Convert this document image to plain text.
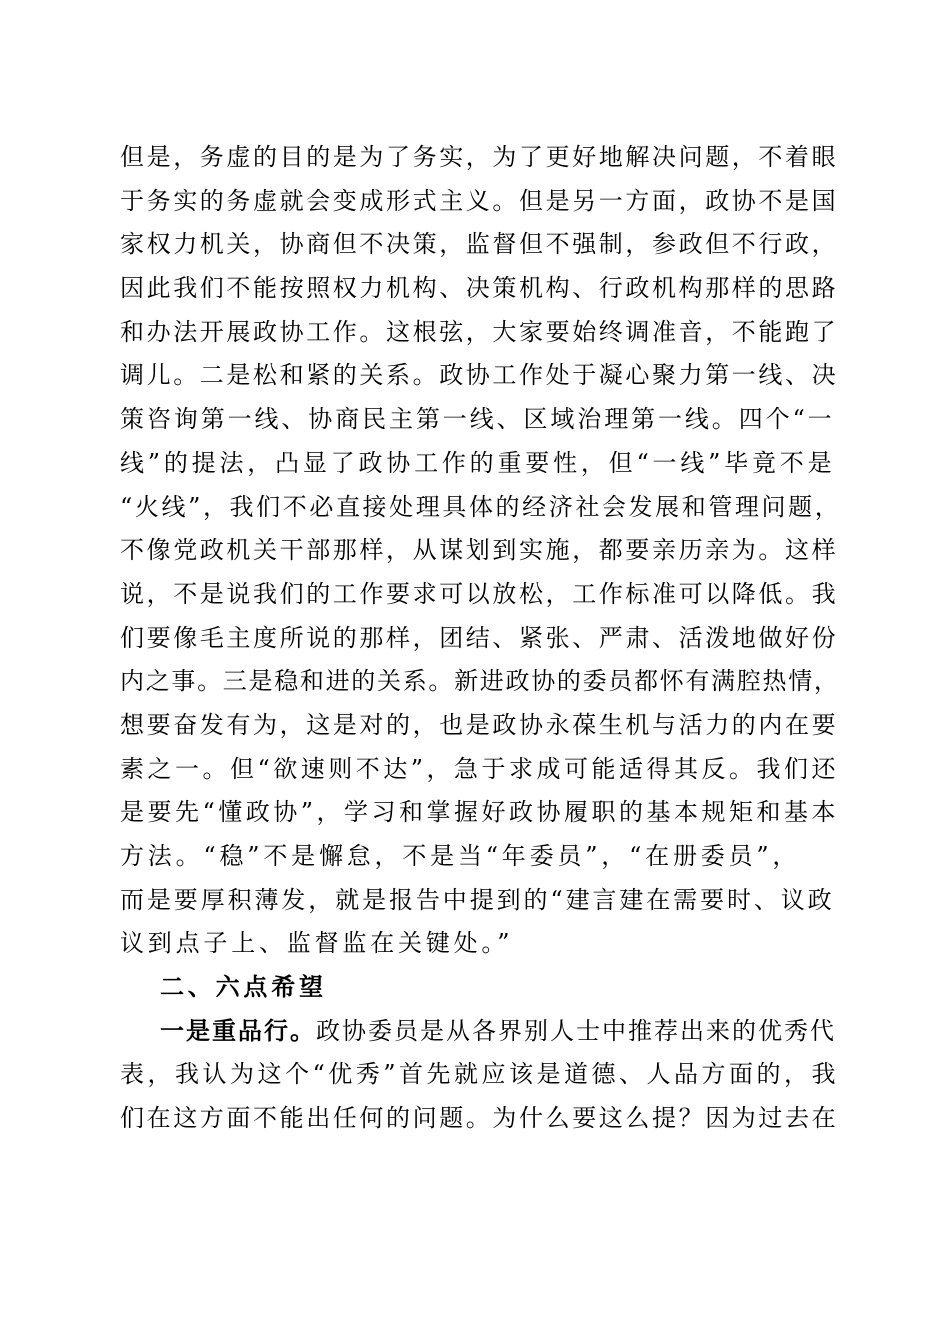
但是，务虚的目的是为了务实，为了更好地解决问题，不着眼
于务实的务虚就会变成形式主义。但是另一方面，政协不是国
家权力机关，协商但不决策，监督但不强制，参政但不行政，
因此我们不能按照权力机构、决策机构、行政机构那样的思路
和办法开展政协工作。这根弦，大家要始终调准音，不能跑了
调儿。二是松和紧的关系。政协工作处于凝心聚力第一线、决
策咨询第一线、协商民主第一线、区域治理第一线。四个“一
线”的提法，凸显了政协工作的重要性，但“一线”毕竟不是
“火线”，我们不必直接处理具体的经济社会发展和管理问题，
不像党政机关干部那样，从谋划到实施，都要亲历亲为。这样
说，不是说我们的工作要求可以放松，工作标准可以降低。我
们要像毛主度所说的那样，团结、紧张、严肃、活泼地做好份
内之事。三是稳和进的关系。新进政协的委员都怀有满腔热情，
想要奋发有为，这是对的，也是政协永葆生机与活力的内在要
素之一。但“欲速则不达”，急于求成可能适得其反。我们还
是要先“懂政协”，学习和掌握好政协履职的基本规矩和基本
方法。“稳”不是懈怠，不是当“年委员”，“在册委员”，
而是要厚积薄发，就是报告中提到的“建言建在需要时、议政
议到点子上、监督监在关键处。”
二、六点希望
一是重品行。政协委员是从各界别人士中推荐出来的优秀代
表，我认为这个“优秀”首先就应该是道德、人品方面的，我
们在这方面不能出任何的问题。为什么要这么提？因为过去在
